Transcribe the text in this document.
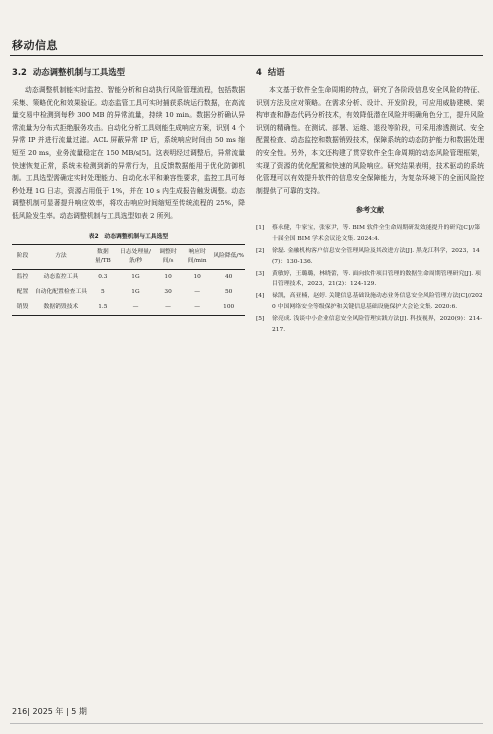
移动信息
3.2 动态调整机制与工具选型

动态调整机制能实时监控、智能分析和自动执行风险管理流程，包括数据采集、策略优化和效果验证。动态监管工具可实时捕获系统运行数据，在高流量交易中检测到每秒 300 MB 的异常流量，持续 10 min。数据分析确认异常流量为分布式拒绝服务攻击。自动化分析工具则能生成响应方案，识别 4 个异常 IP 并进行流量过滤。ACL 屏蔽异常 IP 后，系统响应时间由 50 ms 缩短至 20 ms，业务流量稳定在 150 MB/s[5]。这表明经过调整后，异常流量快速恢复正常，系统未检测到新的异常行为，且反馈数据能用于优化防御机制。工具选型需确定实时处理能力、自动化水平和兼容性要求，监控工具可每秒处理 1G 日志，资源占用低于 1%，并在 10 s 内生成报告触发调整。动态调整机制可显著提升响应效率，将攻击响应时间缩短至传统流程的 25%，降低风险发生率。动态调整机制与工具选型如表 2 所列。

表2　动态调整机制与工具选型
阶段	方法	数据量/TB	日志处理量/条/秒	调整时间/s	响应时间/min	风险降低/%
监控	动态监控工具	0.3	1G	10	10	40
配置	自动化配置检查工具	5	1G	30	—	50
销毁	数据销毁技术	1.5	—	—	—	100
4 结语

本文基于软件全生命周期的特点，研究了各阶段信息安全风险的特征、识别方法及应对策略。在需求分析、设计、开发阶段，可应用威胁建模、架构审查和静态代码分析技术，有效降低潜在风险并明确角色分工，提升风险识别的精确性。在测试、部署、运维、退役等阶段，可采用渗透测试、安全配置检查、动态监控和数据销毁技术，保障系统的动态防护能力和数据处理的安全性。另外，本文还构建了贯穿软件全生命周期的动态风险管理框架，实现了资源的优化配置和快速的风险响应。研究结果表明，技术驱动的系统化管理可以有效提升软件的信息安全保障能力，为复杂环境下的全面风险控制提供了可靠的支持。

参考文献
[1]	蔡永健，牛家宝，张家尹，等. BIM 软件全生命周期研发效能提升的研究[C]//第十届全国 BIM 学术会议论文集. 2024:4.
[2]	徐磊. 金融机构客户信息安全管理风险及其改进方法[J]. 黑龙江科学，2023，14(7)：130-136.
[3]	黄敏婷，王璐璐，林晓蕾，等. 面向软件项目管理的数据生命周期管理研究[J]. 项目管理技术，2023，21(2)：124-129.
[4]	禄凯，高亚楠，赵婷. 关键信息基础设施动态业务信息安全风险管理方法[C]//2020 中国网络安全等级保护和关键信息基础设施保护大会论文集. 2020:6.
[5]	徐亮成. 浅谈中小企业信息安全风险管理实践方法[J]. 科技视界，2020(9)：214-217.
216| 2025 年 | 5 期
